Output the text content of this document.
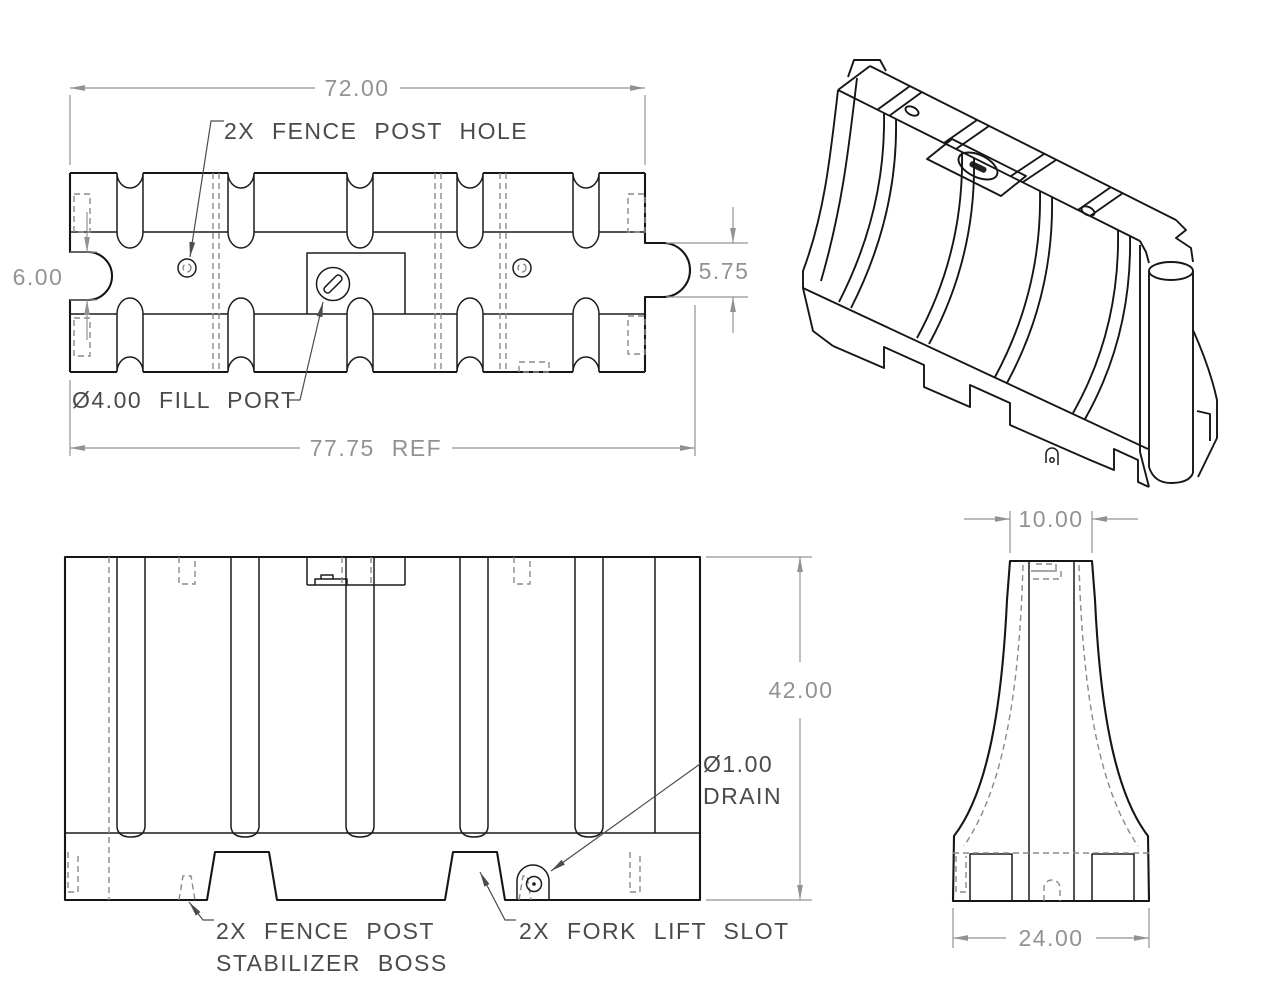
72.00
77.75 REF
6.00	5.75
2X FENCE POST HOLE
Ø4.00 FILL PORT
42.00
Ø1.00
DRAIN
2X FENCE POST
STABILIZER BOSS
2X FORK LIFT SLOT
10.00
24.00
